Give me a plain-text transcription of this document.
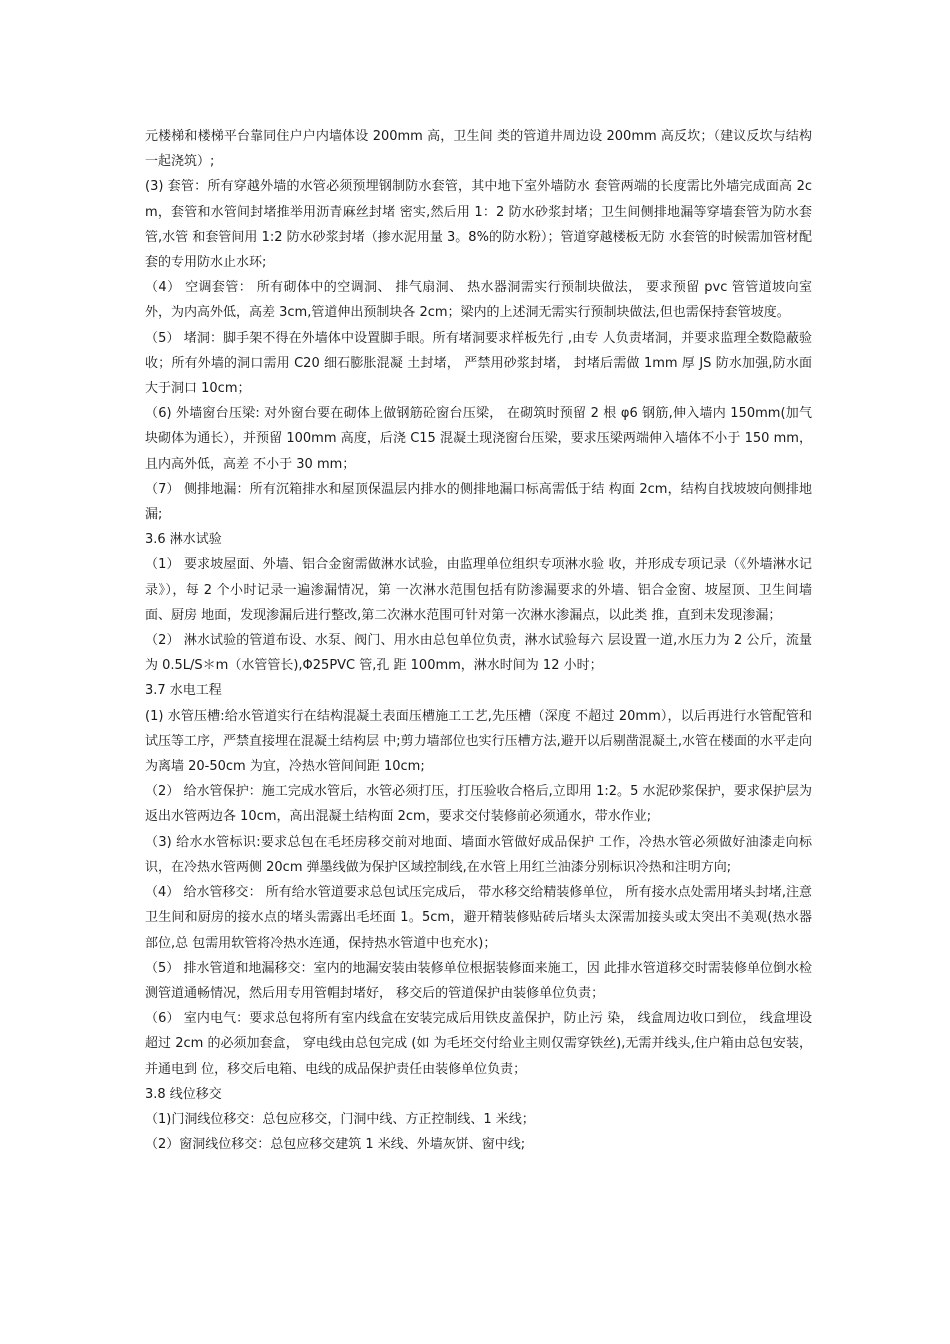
元楼梯和楼梯平台靠同住户户内墙体设 200mm 高，卫生间 类的管道井周边设 200mm 高反坎；（建议反坎与结构一起浇筑）;

(3) 套管：所有穿越外墙的水管必须预埋钢制防水套管，其中地下室外墙防水 套管两端的长度需比外墙完成面高 2cm，套管和水管间封堵推举用沥青麻丝封堵 密实,然后用 1：2 防水砂浆封堵；卫生间侧排地漏等穿墙套管为防水套管,水管 和套管间用 1:2 防水砂浆封堵（掺水泥用量 3。8%的防水粉）；管道穿越楼板无防 水套管的时候需加管材配套的专用防水止水环;

（4） 空调套管： 所有砌体中的空调洞、 排气扇洞、 热水器洞需实行预制块做法， 要求预留 pvc 管管道坡向室外，为内高外低，高差 3cm,管道伸出预制块各 2cm；梁内的上述洞无需实行预制块做法,但也需保持套管坡度。

（5） 堵洞：脚手架不得在外墙体中设置脚手眼。所有堵洞要求样板先行 ,由专 人负责堵洞，并要求监理全数隐蔽验收；所有外墙的洞口需用 C20 细石膨胀混凝 土封堵， 严禁用砂浆封堵， 封堵后需做 1mm 厚 JS 防水加强,防水面大于洞口 10cm；

（6) 外墙窗台压梁: 对外窗台要在砌体上做钢筋砼窗台压梁， 在砌筑时预留 2 根 φ6 钢筋,伸入墙内 150mm(加气块砌体为通长），并预留 100mm 高度，后浇 C15 混凝土现浇窗台压梁，要求压梁两端伸入墙体不小于 150 mm，且内高外低，高差 不小于 30 mm；

（7） 侧排地漏：所有沉箱排水和屋顶保温层内排水的侧排地漏口标高需低于结 构面 2cm，结构自找坡坡向侧排地漏;

3.6 淋水试验

（1） 要求坡屋面、外墙、铝合金窗需做淋水试验，由监理单位组织专项淋水验 收，并形成专项记录（《外墙淋水记录》），每 2 个小时记录一遍渗漏情况，第 一次淋水范围包括有防渗漏要求的外墙、铝合金窗、坡屋顶、卫生间墙面、厨房 地面，发现渗漏后进行整改,第二次淋水范围可针对第一次淋水渗漏点，以此类 推，直到未发现渗漏；

（2） 淋水试验的管道布设、水泵、阀门、用水由总包单位负责，淋水试验每六 层设置一道,水压力为 2 公斤，流量为 0.5L/S＊m（水管管长),Φ25PVC 管,孔 距 100mm，淋水时间为 12 小时；

3.7 水电工程

(1) 水管压槽:给水管道实行在结构混凝土表面压槽施工工艺,先压槽（深度 不超过 20mm），以后再进行水管配管和试压等工序，严禁直接埋在混凝土结构层 中;剪力墙部位也实行压槽方法,避开以后剔凿混凝土,水管在楼面的水平走向 为离墙 20-50cm 为宜，冷热水管间间距 10cm;

（2） 给水管保护：施工完成水管后，水管必须打压，打压验收合格后,立即用 1:2。5 水泥砂浆保护，要求保护层为返出水管两边各 10cm，高出混凝土结构面 2cm，要求交付装修前必须通水，带水作业;

（3) 给水水管标识:要求总包在毛坯房移交前对地面、墙面水管做好成品保护 工作，冷热水管必须做好油漆走向标识，在冷热水管两侧 20cm 弹墨线做为保护区域控制线,在水管上用红兰油漆分别标识冷热和注明方向;

（4） 给水管移交： 所有给水管道要求总包试压完成后， 带水移交给精装修单位， 所有接水点处需用堵头封堵,注意卫生间和厨房的接水点的堵头需露出毛坯面 1。5cm，避开精装修贴砖后堵头太深需加接头或太突出不美观(热水器部位,总 包需用软管将冷热水连通，保持热水管道中也充水)；

（5） 排水管道和地漏移交：室内的地漏安装由装修单位根据装修面来施工，因 此排水管道移交时需装修单位倒水检测管道通畅情况，然后用专用管帽封堵好， 移交后的管道保护由装修单位负责；

（6） 室内电气：要求总包将所有室内线盒在安装完成后用铁皮盖保护，防止污 染， 线盒周边收口到位， 线盒埋设超过 2cm 的必须加套盒， 穿电线由总包完成 (如 为毛坯交付给业主则仅需穿铁丝),无需并线头,住户箱由总包安装，并通电到 位，移交后电箱、电线的成品保护责任由装修单位负责；

3.8 线位移交

（1)门洞线位移交：总包应移交，门洞中线、方正控制线、1 米线；

（2）窗洞线位移交：总包应移交建筑 1 米线、外墙灰饼、窗中线;
